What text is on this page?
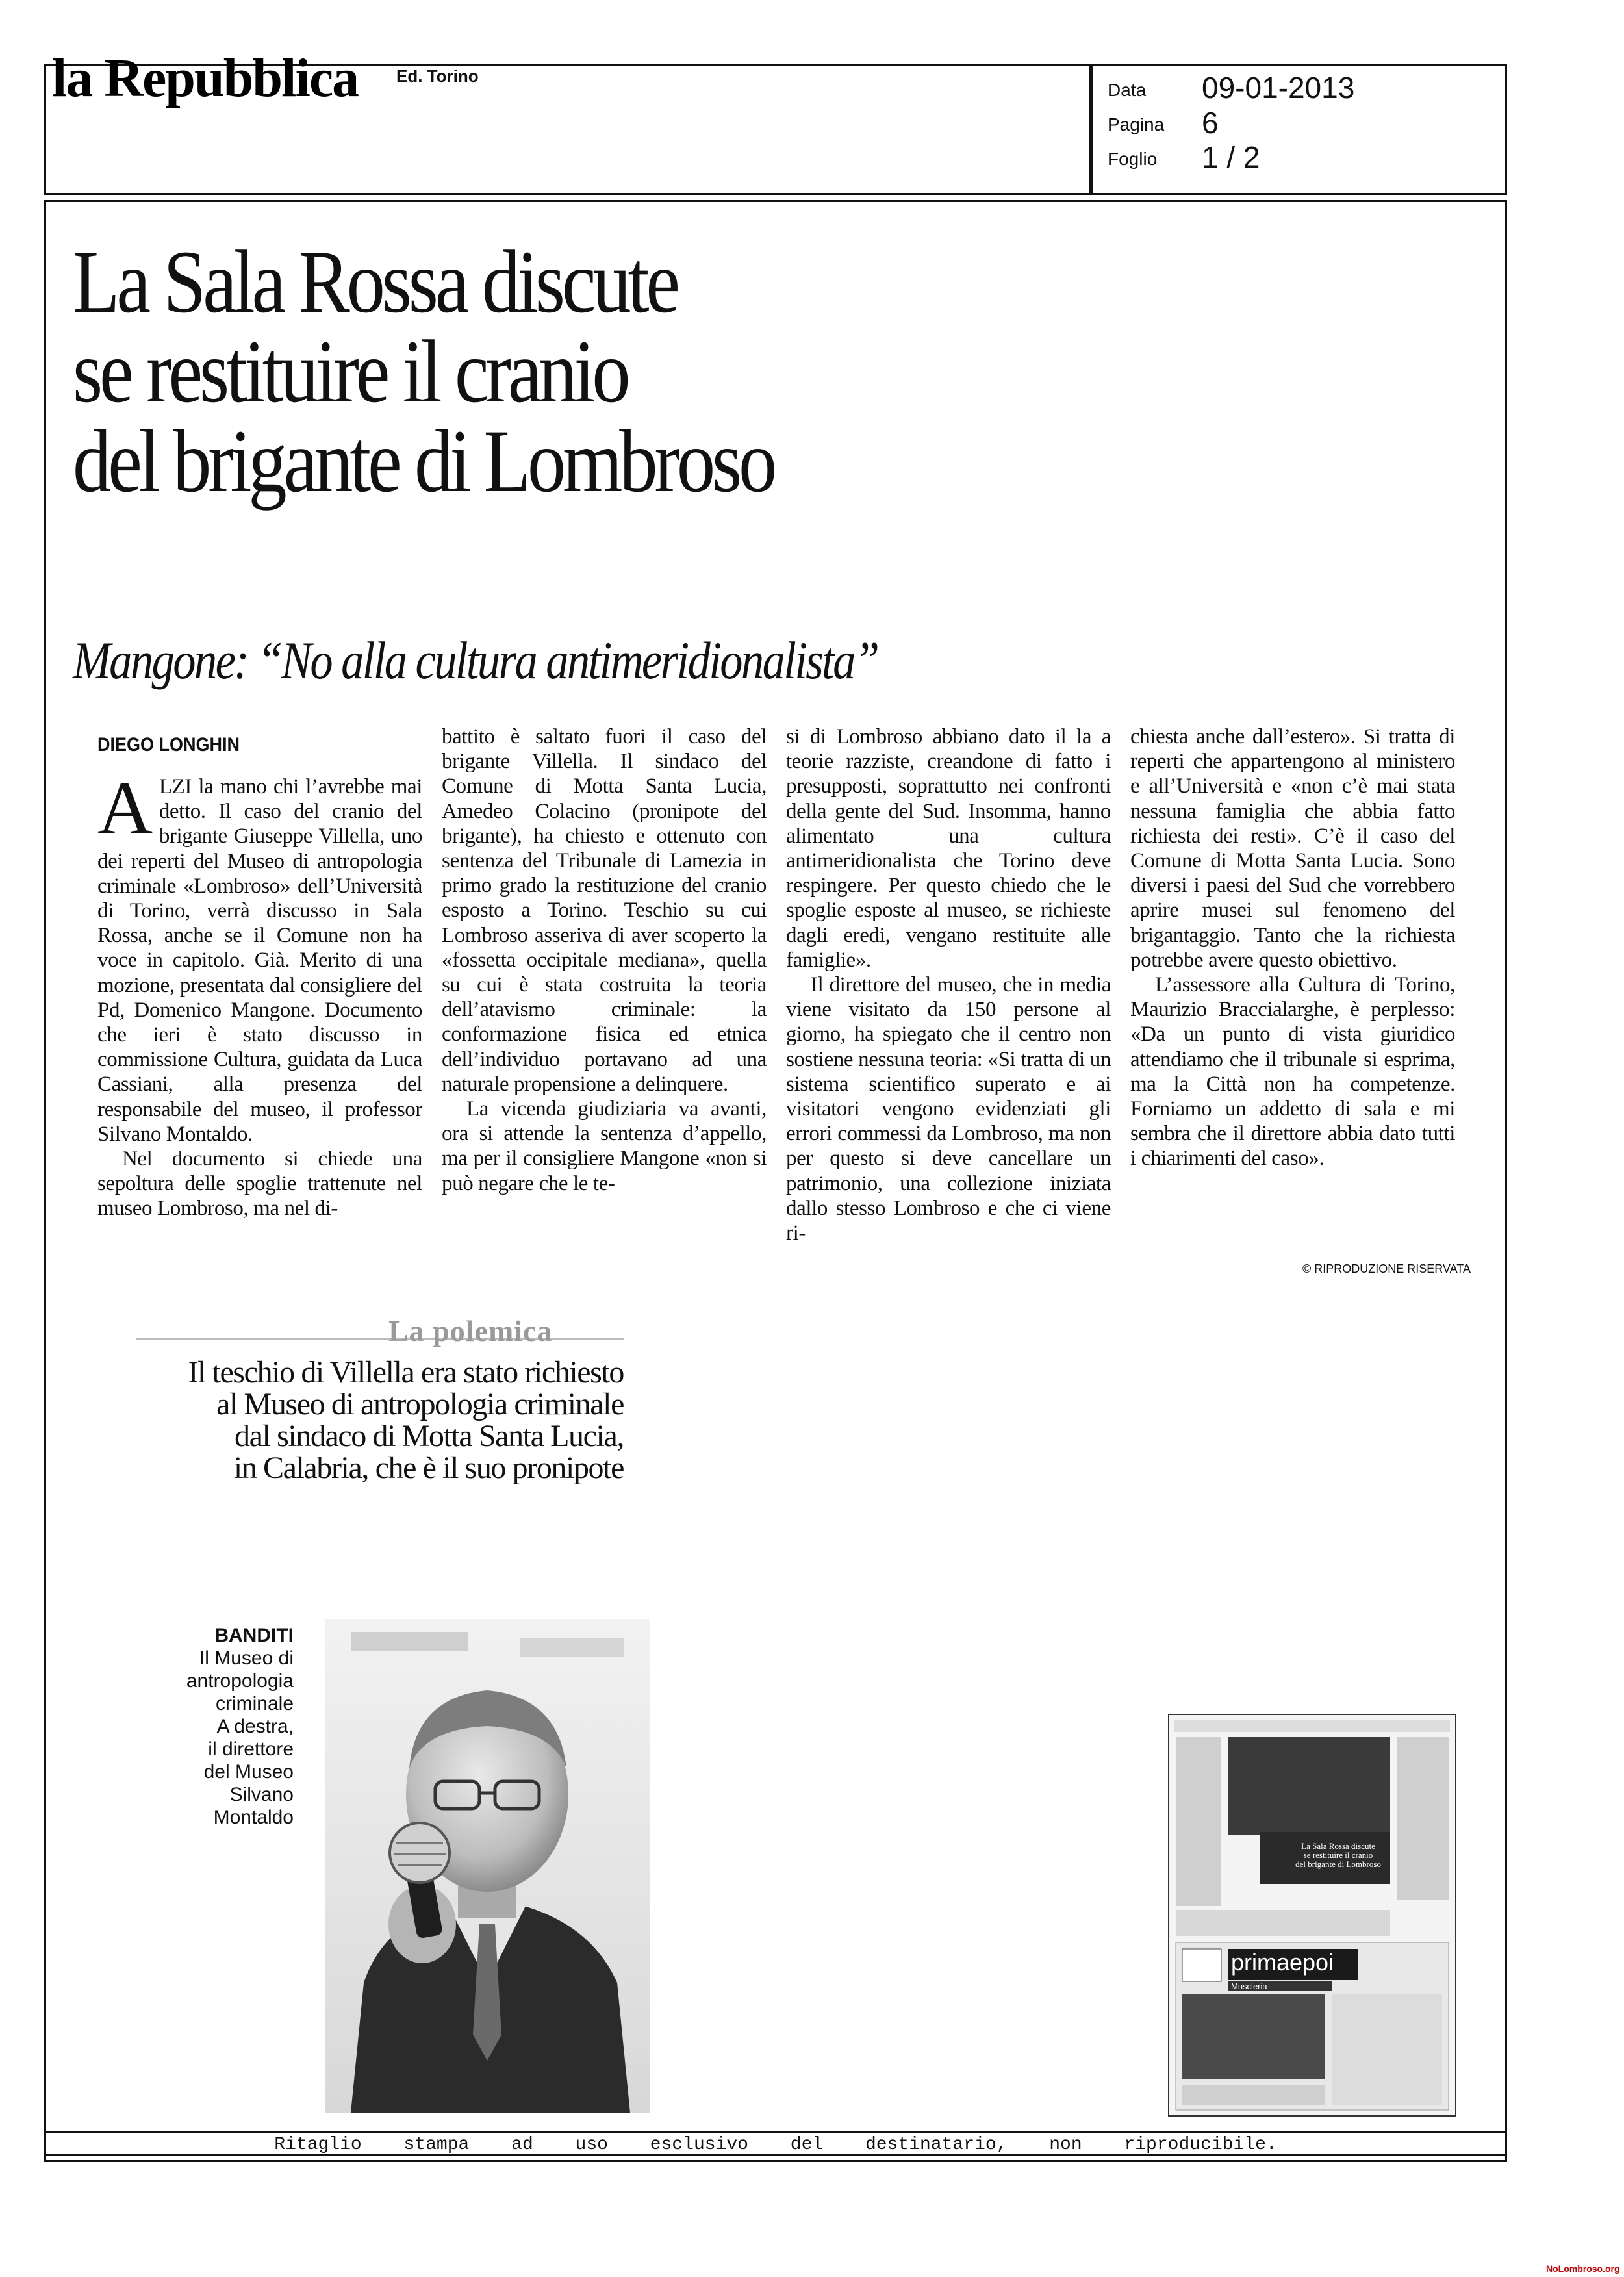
la Repubblica Ed. Torino
Data 09-01-2013
Pagina 6
Foglio 1 / 2
La Sala Rossa discute
se restituire il cranio
del brigante di Lombroso
Mangone: “No alla cultura antimeridionalista”
DIEGO LONGHIN

ALZI la mano chi l’avrebbe mai detto. Il caso del cranio del brigante Giuseppe Villella, uno dei reperti del Museo di antropologia criminale «Lombroso» dell’Università di Torino, verrà discusso in Sala Rossa, anche se il Comune non ha voce in capitolo. Già. Merito di una mozione, presentata dal consigliere del Pd, Domenico Mangone. Documento che ieri è stato discusso in commissione Cultura, guidata da Luca Cassiani, alla presenza del responsabile del museo, il professor Silvano Montaldo.

Nel documento si chiede una sepoltura delle spoglie trattenute nel museo Lombroso, ma nel di-

battito è saltato fuori il caso del brigante Villella. Il sindaco del Comune di Motta Santa Lucia, Amedeo Colacino (pronipote del brigante), ha chiesto e ottenuto con sentenza del Tribunale di Lamezia in primo grado la restituzione del cranio esposto a Torino. Teschio su cui Lombroso asseriva di aver scoperto la «fossetta occipitale mediana», quella su cui è stata costruita la teoria dell’atavismo criminale: la conformazione fisica ed etnica dell’individuo portavano ad una naturale propensione a delinquere.

La vicenda giudiziaria va avanti, ora si attende la sentenza d’appello, ma per il consigliere Mangone «non si può negare che le te-

si di Lombroso abbiano dato il la a teorie razziste, creandone di fatto i presupposti, soprattutto nei confronti della gente del Sud. Insomma, hanno alimentato una cultura antimeridionalista che Torino deve respingere. Per questo chiedo che le spoglie esposte al museo, se richieste dagli eredi, vengano restituite alle famiglie».

Il direttore del museo, che in media viene visitato da 150 persone al giorno, ha spiegato che il centro non sostiene nessuna teoria: «Si tratta di un sistema scientifico superato e ai visitatori vengono evidenziati gli errori commessi da Lombroso, ma non per questo si deve cancellare un patrimonio, una collezione iniziata dallo stesso Lombroso e che ci viene ri-

chiesta anche dall’estero». Si tratta di reperti che appartengono al ministero e all’Università e «non c’è mai stata nessuna famiglia che abbia fatto richiesta dei resti». C’è il caso del Comune di Motta Santa Lucia. Sono diversi i paesi del Sud che vorrebbero aprire musei sul fenomeno del brigantaggio. Tanto che la richiesta potrebbe avere questo obiettivo.

L’assessore alla Cultura di Torino, Maurizio Braccialarghe, è perplesso: «Da un punto di vista giuridico attendiamo che il tribunale si esprima, ma la Città non ha competenze. Forniamo un addetto di sala e mi sembra che il direttore abbia dato tutti i chiarimenti del caso».

© RIPRODUZIONE RISERVATA
La polemica
Il teschio di Villella era stato richiesto
al Museo di antropologia criminale
dal sindaco di Motta Santa Lucia,
in Calabria, che è il suo pronipote
BANDITI
Il Museo di
antropologia
criminale
A destra,
il direttore
del Museo
Silvano
Montaldo
La Sala Rossa discute
se restituire il cranio
del brigante di Lombroso
primaepoi
Muscleria
Ritaglio stampa ad uso esclusivo del destinatario, non riproducibile.
NoLombroso.org
